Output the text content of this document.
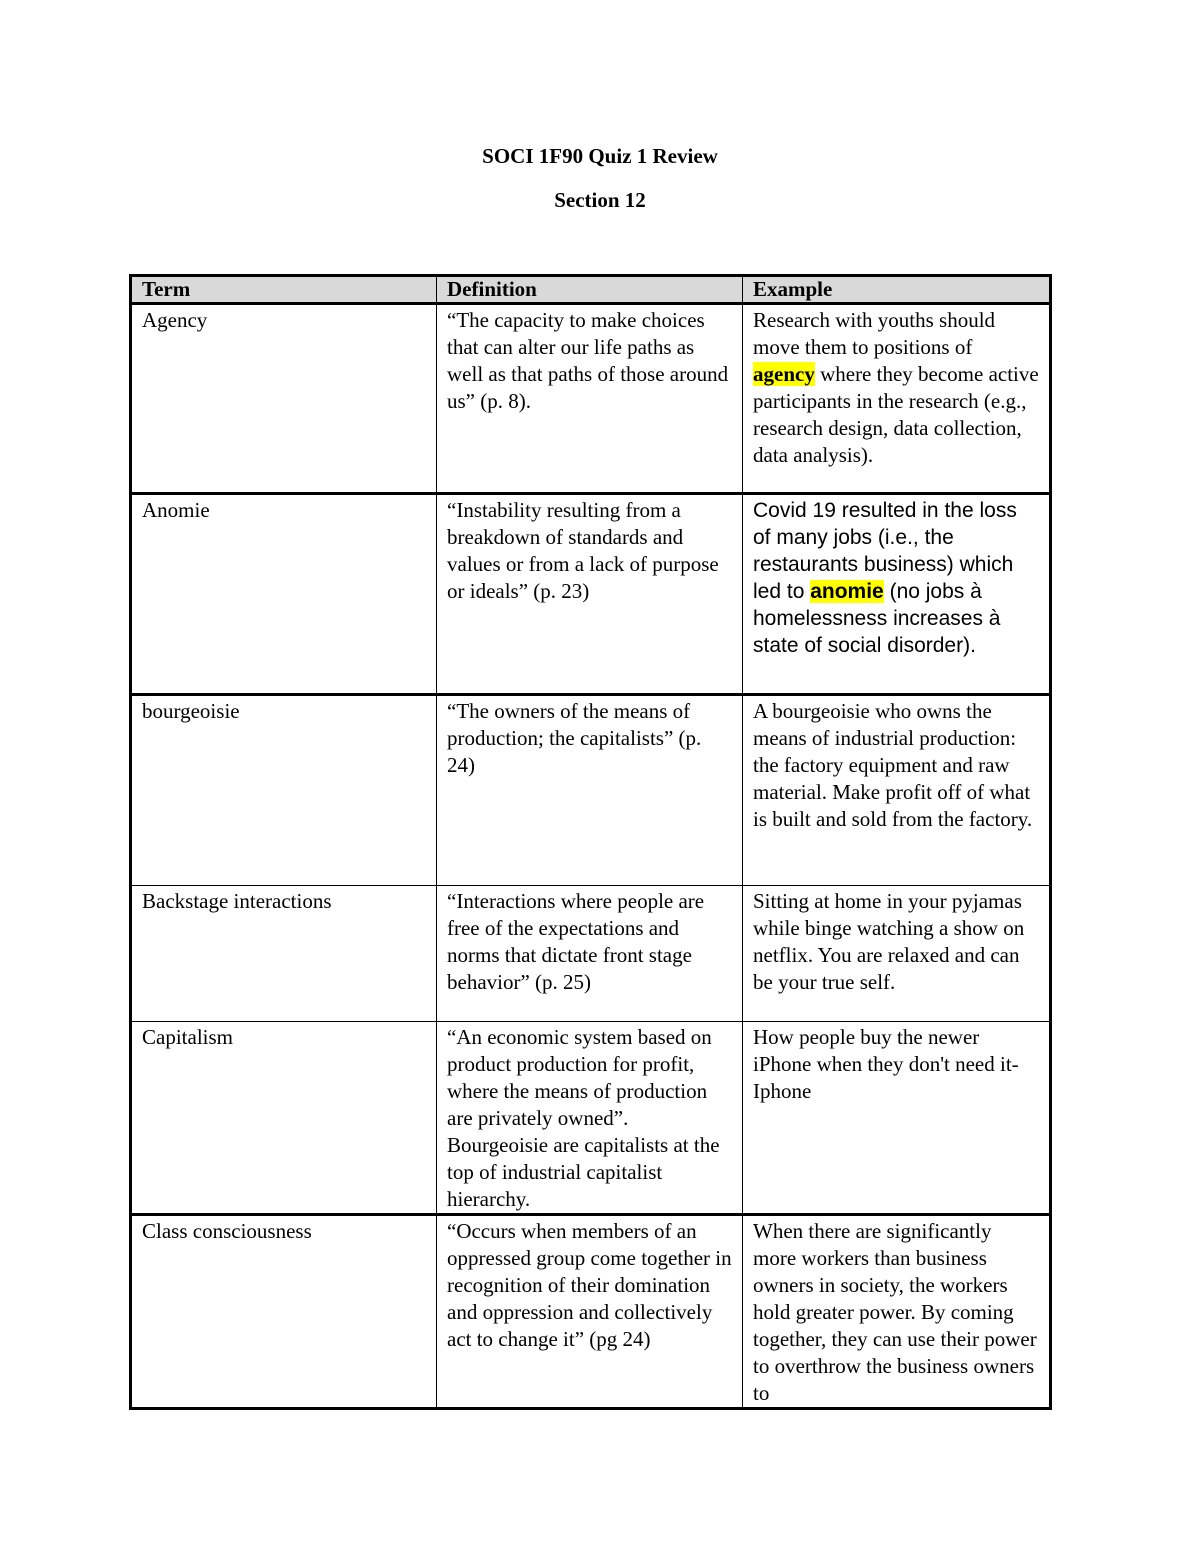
SOCI 1F90 Quiz 1 Review
Section 12
Term	Definition	Example
Agency	“The capacity to make choices that can alter our life paths as well as that paths of those around us” (p. 8).	Research with youths should move them to positions of agency where they become active participants in the research (e.g., research design, data collection, data analysis).
Anomie	“Instability resulting from a breakdown of standards and values or from a lack of purpose or ideals” (p. 23)	Covid 19 resulted in the loss of many jobs (i.e., the restaurants business) which led to anomie (no jobs à homelessness increases à state of social disorder).
bourgeoisie	“The owners of the means of production; the capitalists” (p. 24)	A bourgeoisie who owns the means of industrial production: the factory equipment and raw material. Make profit off of what is built and sold from the factory.
Backstage interactions	“Interactions where people are free of the expectations and norms that dictate front stage behavior” (p. 25)	Sitting at home in your pyjamas while binge watching a show on netflix. You are relaxed and can be your true self.
Capitalism	“An economic system based on product production for profit, where the means of production are privately owned”. Bourgeoisie are capitalists at the top of industrial capitalist hierarchy.	How people buy the newer iPhone when they don't need it- Iphone
Class consciousness	“Occurs when members of an oppressed group come together in recognition of their domination and oppression and collectively act to change it” (pg 24)	When there are significantly more workers than business owners in society, the workers hold greater power. By coming together, they can use their power to overthrow the business owners to
